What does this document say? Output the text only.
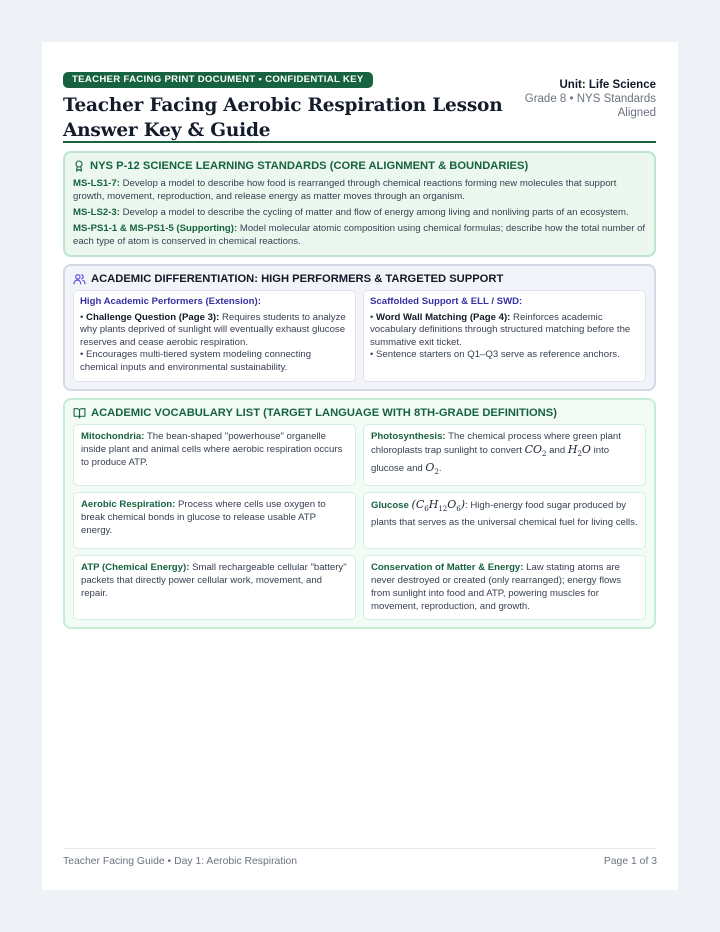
TEACHER FACING PRINT DOCUMENT • CONFIDENTIAL KEY
Teacher Facing Aerobic Respiration Lesson Answer Key & Guide
Unit: Life Science
Grade 8 • NYS Standards
Aligned
NYS P-12 SCIENCE LEARNING STANDARDS (CORE ALIGNMENT & BOUNDARIES)

MS-LS1-7: Develop a model to describe how food is rearranged through chemical reactions forming new molecules that support growth, movement, reproduction, and release energy as matter moves through an organism.

MS-LS2-3: Develop a model to describe the cycling of matter and flow of energy among living and nonliving parts of an ecosystem.

MS-PS1-1 & MS-PS1-5 (Supporting): Model molecular atomic composition using chemical formulas; describe how the total number of each type of atom is conserved in chemical reactions.

ACADEMIC DIFFERENTIATION: HIGH PERFORMERS & TARGETED SUPPORT
High Academic Performers (Extension):
• Challenge Question (Page 3): Requires students to analyze why plants deprived of sunlight will eventually exhaust glucose reserves and cease aerobic respiration.
• Encourages multi-tiered system modeling connecting chemical inputs and environmental sustainability.
Scaffolded Support & ELL / SWD:
• Word Wall Matching (Page 4): Reinforces academic vocabulary definitions through structured matching before the summative exit ticket.
• Sentence starters on Q1–Q3 serve as reference anchors.
ACADEMIC VOCABULARY LIST (TARGET LANGUAGE WITH 8TH-GRADE DEFINITIONS)
Mitochondria: The bean-shaped "powerhouse" organelle inside plant and animal cells where aerobic respiration occurs to produce ATP.
Photosynthesis: The chemical process where green plant chloroplasts trap sunlight to convert $CO_2$ and $H_2O$ into glucose and $O_2$.
Aerobic Respiration: Process where cells use oxygen to break chemical bonds in glucose to release usable ATP energy.
Glucose $(C_6H_{12}O_6)$: High-energy food sugar produced by plants that serves as the universal chemical fuel for living cells.
ATP (Chemical Energy): Small rechargeable cellular "battery" packets that directly power cellular work, movement, and repair.
Conservation of Matter & Energy: Law stating atoms are never destroyed or created (only rearranged); energy flows from sunlight into food and ATP, powering muscles for movement, reproduction, and growth.
Teacher Facing Guide • Day 1: Aerobic Respiration	Page 1 of 3
